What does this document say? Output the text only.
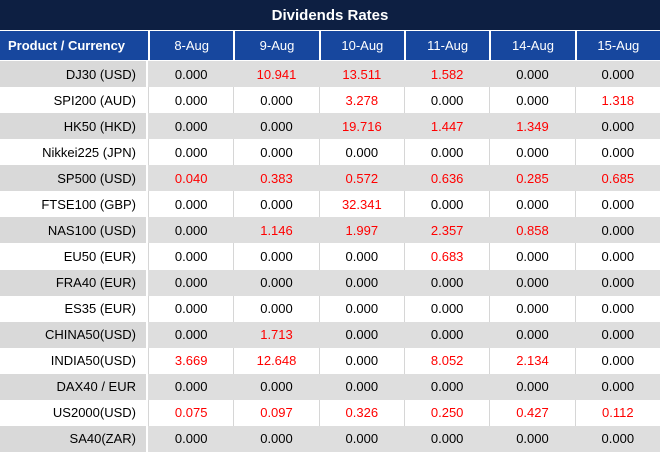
Dividends Rates
Product / Currency	8-Aug	9-Aug	10-Aug	11-Aug	14-Aug	15-Aug
DJ30 (USD)	0.000	10.941	13.511	1.582	0.000	0.000
SPI200 (AUD)	0.000	0.000	3.278	0.000	0.000	1.318
HK50 (HKD)	0.000	0.000	19.716	1.447	1.349	0.000
Nikkei225 (JPN)	0.000	0.000	0.000	0.000	0.000	0.000
SP500 (USD)	0.040	0.383	0.572	0.636	0.285	0.685
FTSE100 (GBP)	0.000	0.000	32.341	0.000	0.000	0.000
NAS100 (USD)	0.000	1.146	1.997	2.357	0.858	0.000
EU50 (EUR)	0.000	0.000	0.000	0.683	0.000	0.000
FRA40 (EUR)	0.000	0.000	0.000	0.000	0.000	0.000
ES35 (EUR)	0.000	0.000	0.000	0.000	0.000	0.000
CHINA50(USD)	0.000	1.713	0.000	0.000	0.000	0.000
INDIA50(USD)	3.669	12.648	0.000	8.052	2.134	0.000
DAX40 / EUR	0.000	0.000	0.000	0.000	0.000	0.000
US2000(USD)	0.075	0.097	0.326	0.250	0.427	0.112
SA40(ZAR)	0.000	0.000	0.000	0.000	0.000	0.000
